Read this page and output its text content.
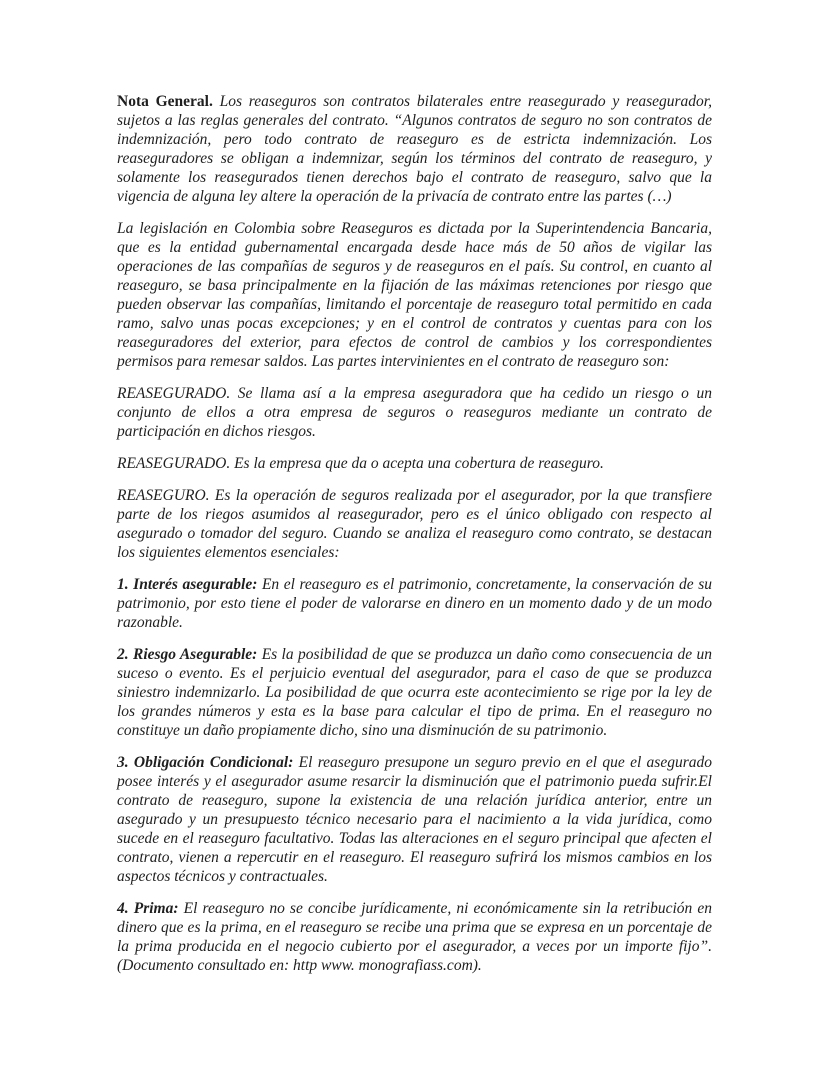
Nota General. Los reaseguros son contratos bilaterales entre reasegurado y reasegurador, sujetos a las reglas generales del contrato. “Algunos contratos de seguro no son contratos de indemnización, pero todo contrato de reaseguro es de estricta indemnización. Los reaseguradores se obligan a indemnizar, según los términos del contrato de reaseguro, y solamente los reasegurados tienen derechos bajo el contrato de reaseguro, salvo que la vigencia de alguna ley altere la operación de la privacía de contrato entre las partes (…)

La legislación en Colombia sobre Reaseguros es dictada por la Superintendencia Bancaria, que es la entidad gubernamental encargada desde hace más de 50 años de vigilar las operaciones de las compañías de seguros y de reaseguros en el país. Su control, en cuanto al reaseguro, se basa principalmente en la fijación de las máximas retenciones por riesgo que pueden observar las compañías, limitando el porcentaje de reaseguro total permitido en cada ramo, salvo unas pocas excepciones; y en el control de contratos y cuentas para con los reaseguradores del exterior, para efectos de control de cambios y los correspondientes permisos para remesar saldos. Las partes intervinientes en el contrato de reaseguro son:

REASEGURADO. Se llama así a la empresa aseguradora que ha cedido un riesgo o un conjunto de ellos a otra empresa de seguros o reaseguros mediante un contrato de participación en dichos riesgos.

REASEGURADO. Es la empresa que da o acepta una cobertura de reaseguro.

REASEGURO. Es la operación de seguros realizada por el asegurador, por la que transfiere parte de los riegos asumidos al reasegurador, pero es el único obligado con respecto al asegurado o tomador del seguro. Cuando se analiza el reaseguro como contrato, se destacan los siguientes elementos esenciales:

1. Interés asegurable: En el reaseguro es el patrimonio, concretamente, la conservación de su patrimonio, por esto tiene el poder de valorarse en dinero en un momento dado y de un modo razonable.

2. Riesgo Asegurable: Es la posibilidad de que se produzca un daño como consecuencia de un suceso o evento. Es el perjuicio eventual del asegurador, para el caso de que se produzca siniestro indemnizarlo. La posibilidad de que ocurra este acontecimiento se rige por la ley de los grandes números y esta es la base para calcular el tipo de prima. En el reaseguro no constituye un daño propiamente dicho, sino una disminución de su patrimonio.

3. Obligación Condicional: El reaseguro presupone un seguro previo en el que el asegurado posee interés y el asegurador asume resarcir la disminución que el patrimonio pueda sufrir.El contrato de reaseguro, supone la existencia de una relación jurídica anterior, entre un asegurado y un presupuesto técnico necesario para el nacimiento a la vida jurídica, como sucede en el reaseguro facultativo. Todas las alteraciones en el seguro principal que afecten el contrato, vienen a repercutir en el reaseguro. El reaseguro sufrirá los mismos cambios en los aspectos técnicos y contractuales.

4. Prima: El reaseguro no se concibe jurídicamente, ni económicamente sin la retribución en dinero que es la prima, en el reaseguro se recibe una prima que se expresa en un porcentaje de la prima producida en el negocio cubierto por el asegurador, a veces por un importe fijo”. (Documento consultado en: http www. monografiass.com).
